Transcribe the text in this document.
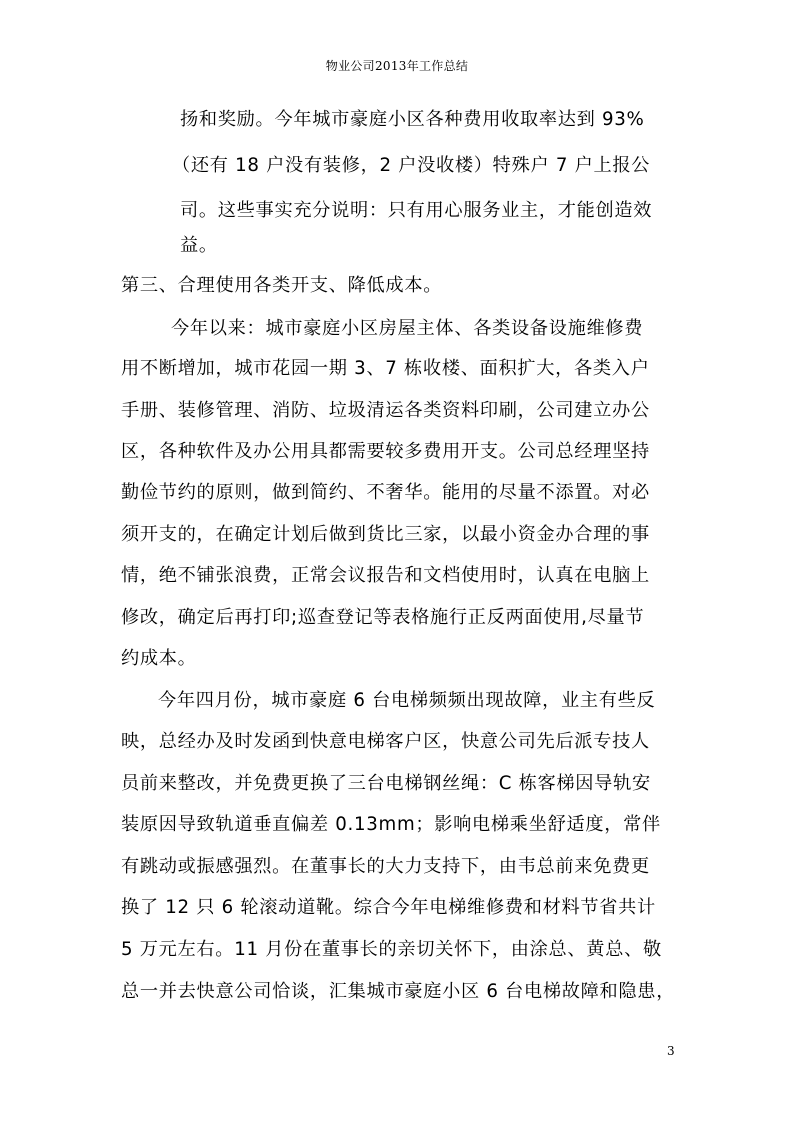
物业公司2013年工作总结
扬和奖励。今年城市豪庭小区各种费用收取率达到 93%
（还有 18 户没有装修，2 户没收楼）特殊户 7 户上报公
司。这些事实充分说明：只有用心服务业主，才能创造效
益。
第三、合理使用各类开支、降低成本。
今年以来：城市豪庭小区房屋主体、各类设备设施维修费
用不断增加，城市花园一期 3、7 栋收楼、面积扩大，各类入户
手册、装修管理、消防、垃圾清运各类资料印刷，公司建立办公
区，各种软件及办公用具都需要较多费用开支。公司总经理坚持
勤俭节约的原则，做到简约、不奢华。能用的尽量不添置。对必
须开支的，在确定计划后做到货比三家，以最小资金办合理的事
情，绝不铺张浪费，正常会议报告和文档使用时，认真在电脑上
修改，确定后再打印;巡查登记等表格施行正反两面使用,尽量节
约成本。
今年四月份，城市豪庭 6 台电梯频频出现故障，业主有些反
映，总经办及时发函到快意电梯客户区，快意公司先后派专技人
员前来整改，并免费更换了三台电梯钢丝绳：C 栋客梯因导轨安
装原因导致轨道垂直偏差 0.13mm；影响电梯乘坐舒适度，常伴
有跳动或振感强烈。在董事长的大力支持下，由韦总前来免费更
换了 12 只 6 轮滚动道靴。综合今年电梯维修费和材料节省共计
5 万元左右。11 月份在董事长的亲切关怀下，由涂总、黄总、敬
总一并去快意公司恰谈，汇集城市豪庭小区 6 台电梯故障和隐患，
3
